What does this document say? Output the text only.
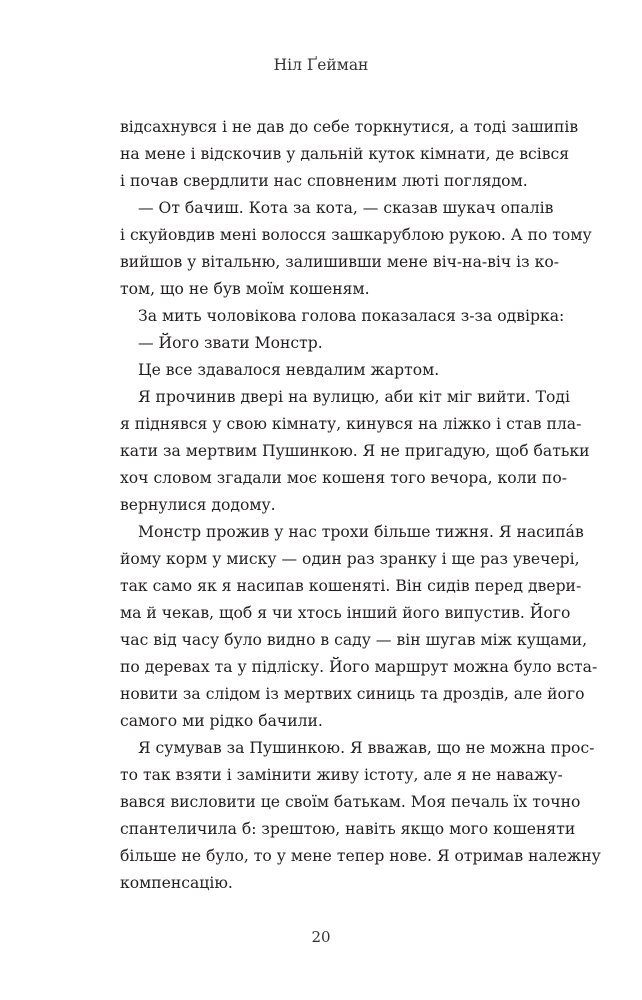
Ніл Ґейман
відсахнувся і не дав до себе торкнутися, а тоді зашипів
на мене і відскочив у дальній куток кімнати, де всівся
і почав свердлити нас сповненим люті поглядом.
— От бачиш. Кота за кота, — сказав шукач опалів
і скуйовдив мені волосся зашкарублою рукою. А по тому
вийшов у вітальню, залишивши мене віч-на-віч із ко-
том, що не був моїм кошеням.
За мить чоловікова голова показалася з-за одвірка:
— Його звати Монстр.
Це все здавалося невдалим жартом.
Я прочинив двері на вулицю, аби кіт міг вийти. Тоді
я піднявся у свою кімнату, кинувся на ліжко і став пла-
кати за мертвим Пушинкою. Я не пригадую, щоб батьки
хоч словом згадали моє кошеня того вечора, коли по-
вернулися додому.
Монстр прожив у нас трохи більше тижня. Я насипáв
йому корм у миску — один раз зранку і ще раз увечері,
так само як я насипав кошеняті. Він сидів перед двери-
ма й чекав, щоб я чи хтось інший його випустив. Його
час від часу було видно в саду — він шугав між кущами,
по деревах та у підліску. Його маршрут можна було вста-
новити за слідом із мертвих синиць та дроздів, але його
самого ми рідко бачили.
Я сумував за Пушинкою. Я вважав, що не можна прос-
то так взяти і замінити живу істоту, але я не наважу-
вався висловити це своїм батькам. Моя печаль їх точно
спантеличила б: зрештою, навіть якщо мого кошеняти
більше не було, то у мене тепер нове. Я отримав належну
компенсацію.
20
